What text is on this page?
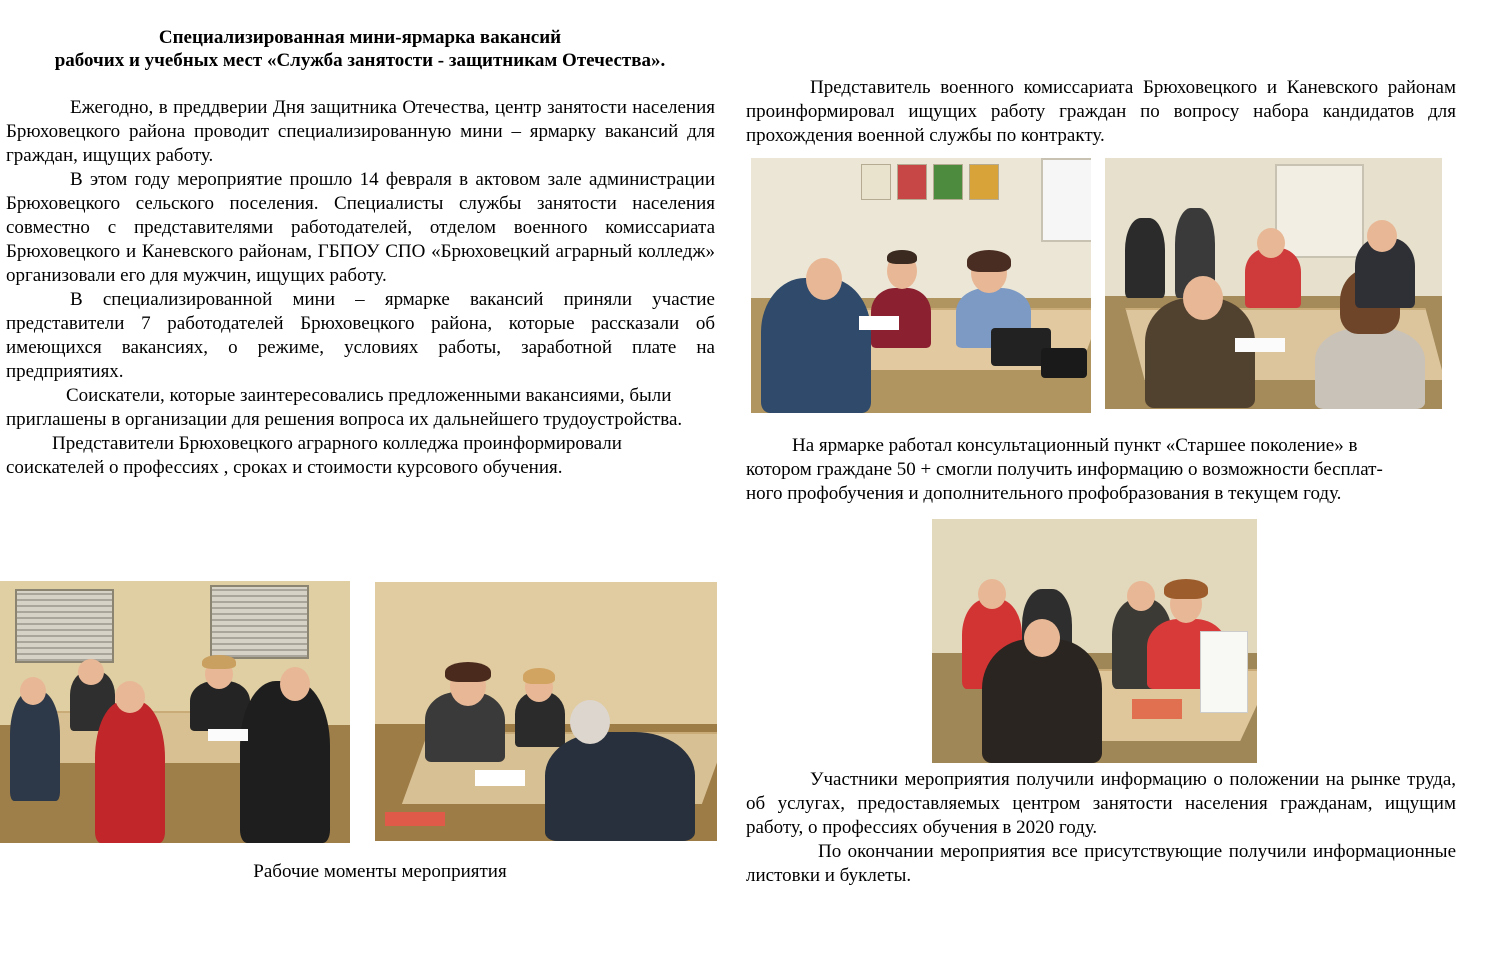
Специализированная мини-ярмарка вакансий
рабочих и учебных мест «Служба занятости - защитникам Отечества».

Ежегодно, в преддверии Дня защитника Отечества, центр занятости населения Брюховецкого района проводит специализированную мини – ярмарку вакансий для граждан, ищущих работу.

В этом году мероприятие прошло 14 февраля в актовом зале администрации Брюховецкого сельского поселения. Специалисты службы занятости населения совместно с представителями работодателей, отделом военного комиссариата Брюховецкого и Каневского районам, ГБПОУ СПО «Брюховецкий аграрный колледж» организовали его для мужчин, ищущих работу.

В специализированной мини – ярмарке вакансий приняли участие представители 7 работодателей Брюховецкого района, которые рассказали об имеющихся вакансиях, о режиме, условиях работы, заработной плате на предприятиях.

Соискатели, которые заинтересовались предложенными вакансиями, были приглашены в организации для решения вопроса их дальнейшего трудоустройства.

Представители Брюховецкого аграрного колледжа проинформировали соискателей о профессиях , сроках и стоимости курсового обучения.

Представитель военного комиссариата Брюховецкого и Каневского районам проинформировал ищущих работу граждан по вопросу набора кандидатов для прохождения военной службы по контракту.

На ярмарке работал консультационный пункт «Старшее поколение» в

котором граждане 50 + смогли получить информацию о возможности бесплат-

ного профобучения и дополнительного профобразования в текущем году.

Участники мероприятия получили информацию о положении на рынке труда, об услугах, предоставляемых центром занятости населения гражданам, ищущим работу, о профессиях обучения в 2020 году.

По окончании мероприятия все присутствующие получили информационные листовки и буклеты.

Рабочие моменты мероприятия
